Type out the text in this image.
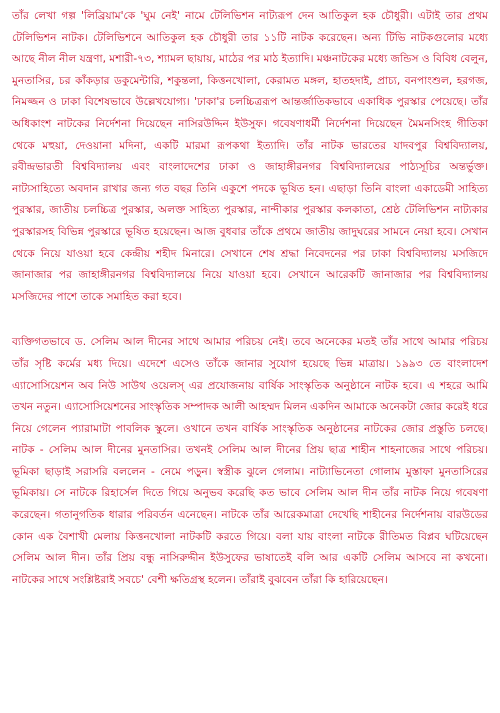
তাঁর লেখা গল্প 'লিব্রিয়াম'কে 'ঘুম নেই' নামে টেলিভিশন নাট্যরূপ দেন আতিকুল হক চৌধুরী। এটাই তার প্রথম টেলিভিশন নাটক। টেলিভিশনে আতিকুল হক চৌধুরী তার ১১টি নাটক করেছেন। অন্য টিভি নাটকগুলোর মধ্যে আছে নীল নীল যন্ত্রণা, মশারী-৭৩, শ্যামল ছায়ায়, মাঠের পর মাঠ ইত্যাদি। মঞ্চনাটকের মধ্যে জন্ডিস ও বিবিধ বেলুন, মুনতাসির, চর কাঁকড়ার ডকুমেন্টারি, শকুন্তলা, কিত্তনখোলা, কেরামত মঙ্গল, হাতহদাই, প্রাচ্য, বনপাংশুল, হরগজ, নিমজ্জন ও ঢাকা বিশেষভাবে উল্লেখযোগ্য। 'ঢাকা'র চলচ্চিত্ররূপ আন্তর্জাতিকভাবে একাধিক পুরস্কার পেয়েছে। তাঁর অধিকাংশ নাটকের নির্দেশনা দিয়েছেন নাসিরউদ্দিন ইউসুফ। গবেষণাধর্মী নির্দেশনা দিয়েছেন মৈমনসিংহ গীতিকা থেকে মহুয়া, দেওয়ানা মদিনা, একটি মারমা রূপকথা ইত্যাদি। তাঁর নাটক ভারতের যাদবপুর বিশ্ববিদ্যালয়, রবীন্দ্রভারতী বিশ্ববিদ্যালয় এবং বাংলাদেশের ঢাকা ও জাহাঙ্গীরনগর বিশ্ববিদ্যালয়ের পাঠ্যসূচির অন্তর্ভুক্ত। নাট্যসাহিত্যে অবদান রাখার জন্য গত বছর তিনি একুশে পদকে ভূষিত হন। এছাড়া তিনি বাংলা একাডেমী সাহিত্য পুরস্কার, জাতীয় চলচ্চিত্র পুরস্কার, অলক্ত সাহিত্য পুরস্কার, নান্দীকার পুরস্কার কলকাতা, শ্রেষ্ঠ টেলিভিশন নাট্যকার পুরস্কারসহ বিভিন্ন পুরস্কারে ভূষিত হয়েছেন। আজ বুধবার তাঁকে প্রথমে জাতীয় জাদুঘরের সামনে নেয়া হবে। সেখান থেকে নিয়ে যাওয়া হবে কেন্দ্রীয় শহীদ মিনারে। সেখানে শেষ শ্রদ্ধা নিবেদনের পর ঢাকা বিশ্ববিদ্যালয় মসজিদে জানাজার পর জাহাঙ্গীরনগর বিশ্ববিদ্যালয়ে নিয়ে যাওয়া হবে। সেখানে আরেকটি জানাজার পর বিশ্ববিদ্যালয় মসজিদের পাশে তাকে সমাহিত করা হবে।

ব্যক্তিগতভাবে ড. সেলিম আল দীনের সাথে আমার পরিচয় নেই। তবে অনেকের মতই তাঁর সাথে আমার পরিচয় তাঁর সৃষ্টি কর্মের মধ্য দিয়ে। এদেশে এসেও তাঁকে জানার সুযোগ হয়েছে ভিন্ন মাত্রায়। ১৯৯৩ তে বাংলাদেশ এ্যাসোসিয়েশন অব নিউ সাউথ ওয়েলস্ এর প্রযোজনায় বার্ষিক সাংস্কৃতিক অনুষ্ঠানে নাটক হবে। এ শহরে আমি তখন নতুন। এ্যাসোসিয়েশনের সাংস্কৃতিক সম্পাদক আলী আহম্মদ মিলন একদিন আমাকে অনেকটা জোর করেই ধরে নিয়ে গেলেন প্যারামাটা পাবলিক স্কুলে। ওখানে তখন বার্ষিক সাংস্কৃতিক অনুষ্ঠানের নাটকের জোর প্রস্তুতি চলছে। নাটক - সেলিম আল দীনের মুনতাসির। তখনই সেলিম আল দীনের প্রিয় ছাত্র শাহীন শাহনাজের সাথে পরিচয়। ভূমিকা ছাড়াই সরাসরি বললেন - নেমে পড়ুন। স্বস্ত্রীক ঝুলে গেলাম। নাট্যাভিনেতা গোলাম মুস্তাফা মুনতাসিরের ভূমিকায়। সে নাটকে রিহার্সেল দিতে গিয়ে অনুভব করেছি কত ভাবে সেলিম আল দীন তাঁর নাটক নিয়ে গবেষণা করেছেন। গতানুগতিক ধারার পরিবর্তন এনেছেন। নাটকে তাঁর আরেকমাত্রা দেখেছি শাহীনের নির্দেশনায় বারউডের কোন এক বৈশাখী মেলায় কিত্তনখোলা নাটকটি করতে গিয়ে। বলা যায় বাংলা নাটকে রীতিমত বিপ্লব ঘটিয়েছেন সেলিম আল দীন। তাঁর প্রিয় বন্ধু নাসিরুদ্দীন ইউসুফের ভাষাতেই বলি আর একটি সেলিম আসবে না কখনো। নাটকের সাথে সংশ্লিষ্টরাই সবচে' বেশী ক্ষতিগ্রস্থ হলেন। তাঁরাই বুঝবেন তাঁরা কি হারিয়েছেন।
